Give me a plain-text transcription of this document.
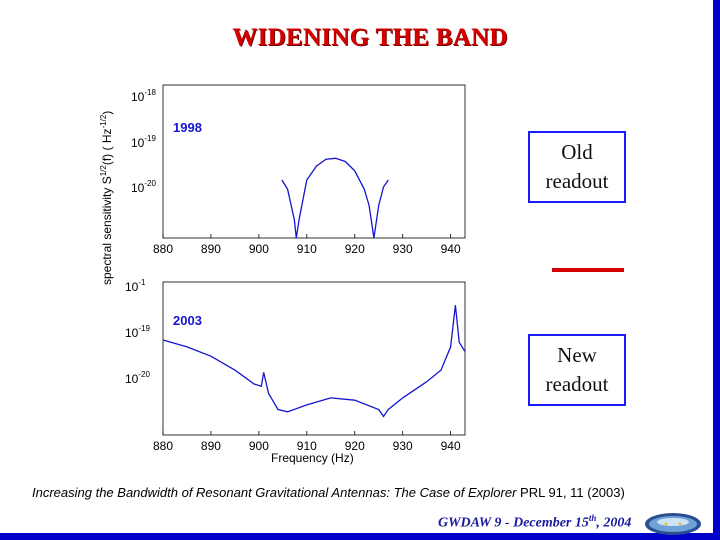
WIDENING THE BAND
spectral sensitivity $S^{1/2}(f)$ ( $Hz^{-1/2}$)
1998
$10^{-18}$
$10^{-19}$
$10^{-20}$
880 890 900 910 920 930 940
2003
$10^{-1}$
$10^{-19}$
$10^{-20}$
880 890 900 910 920 930 940
Frequency (Hz)
Old
readout
New
readout
Increasing the Bandwidth of Resonant Gravitational Antennas: The Case of Explorer PRL 91, 11 (2003)
GWDAW 9 - December 15th, 2004
